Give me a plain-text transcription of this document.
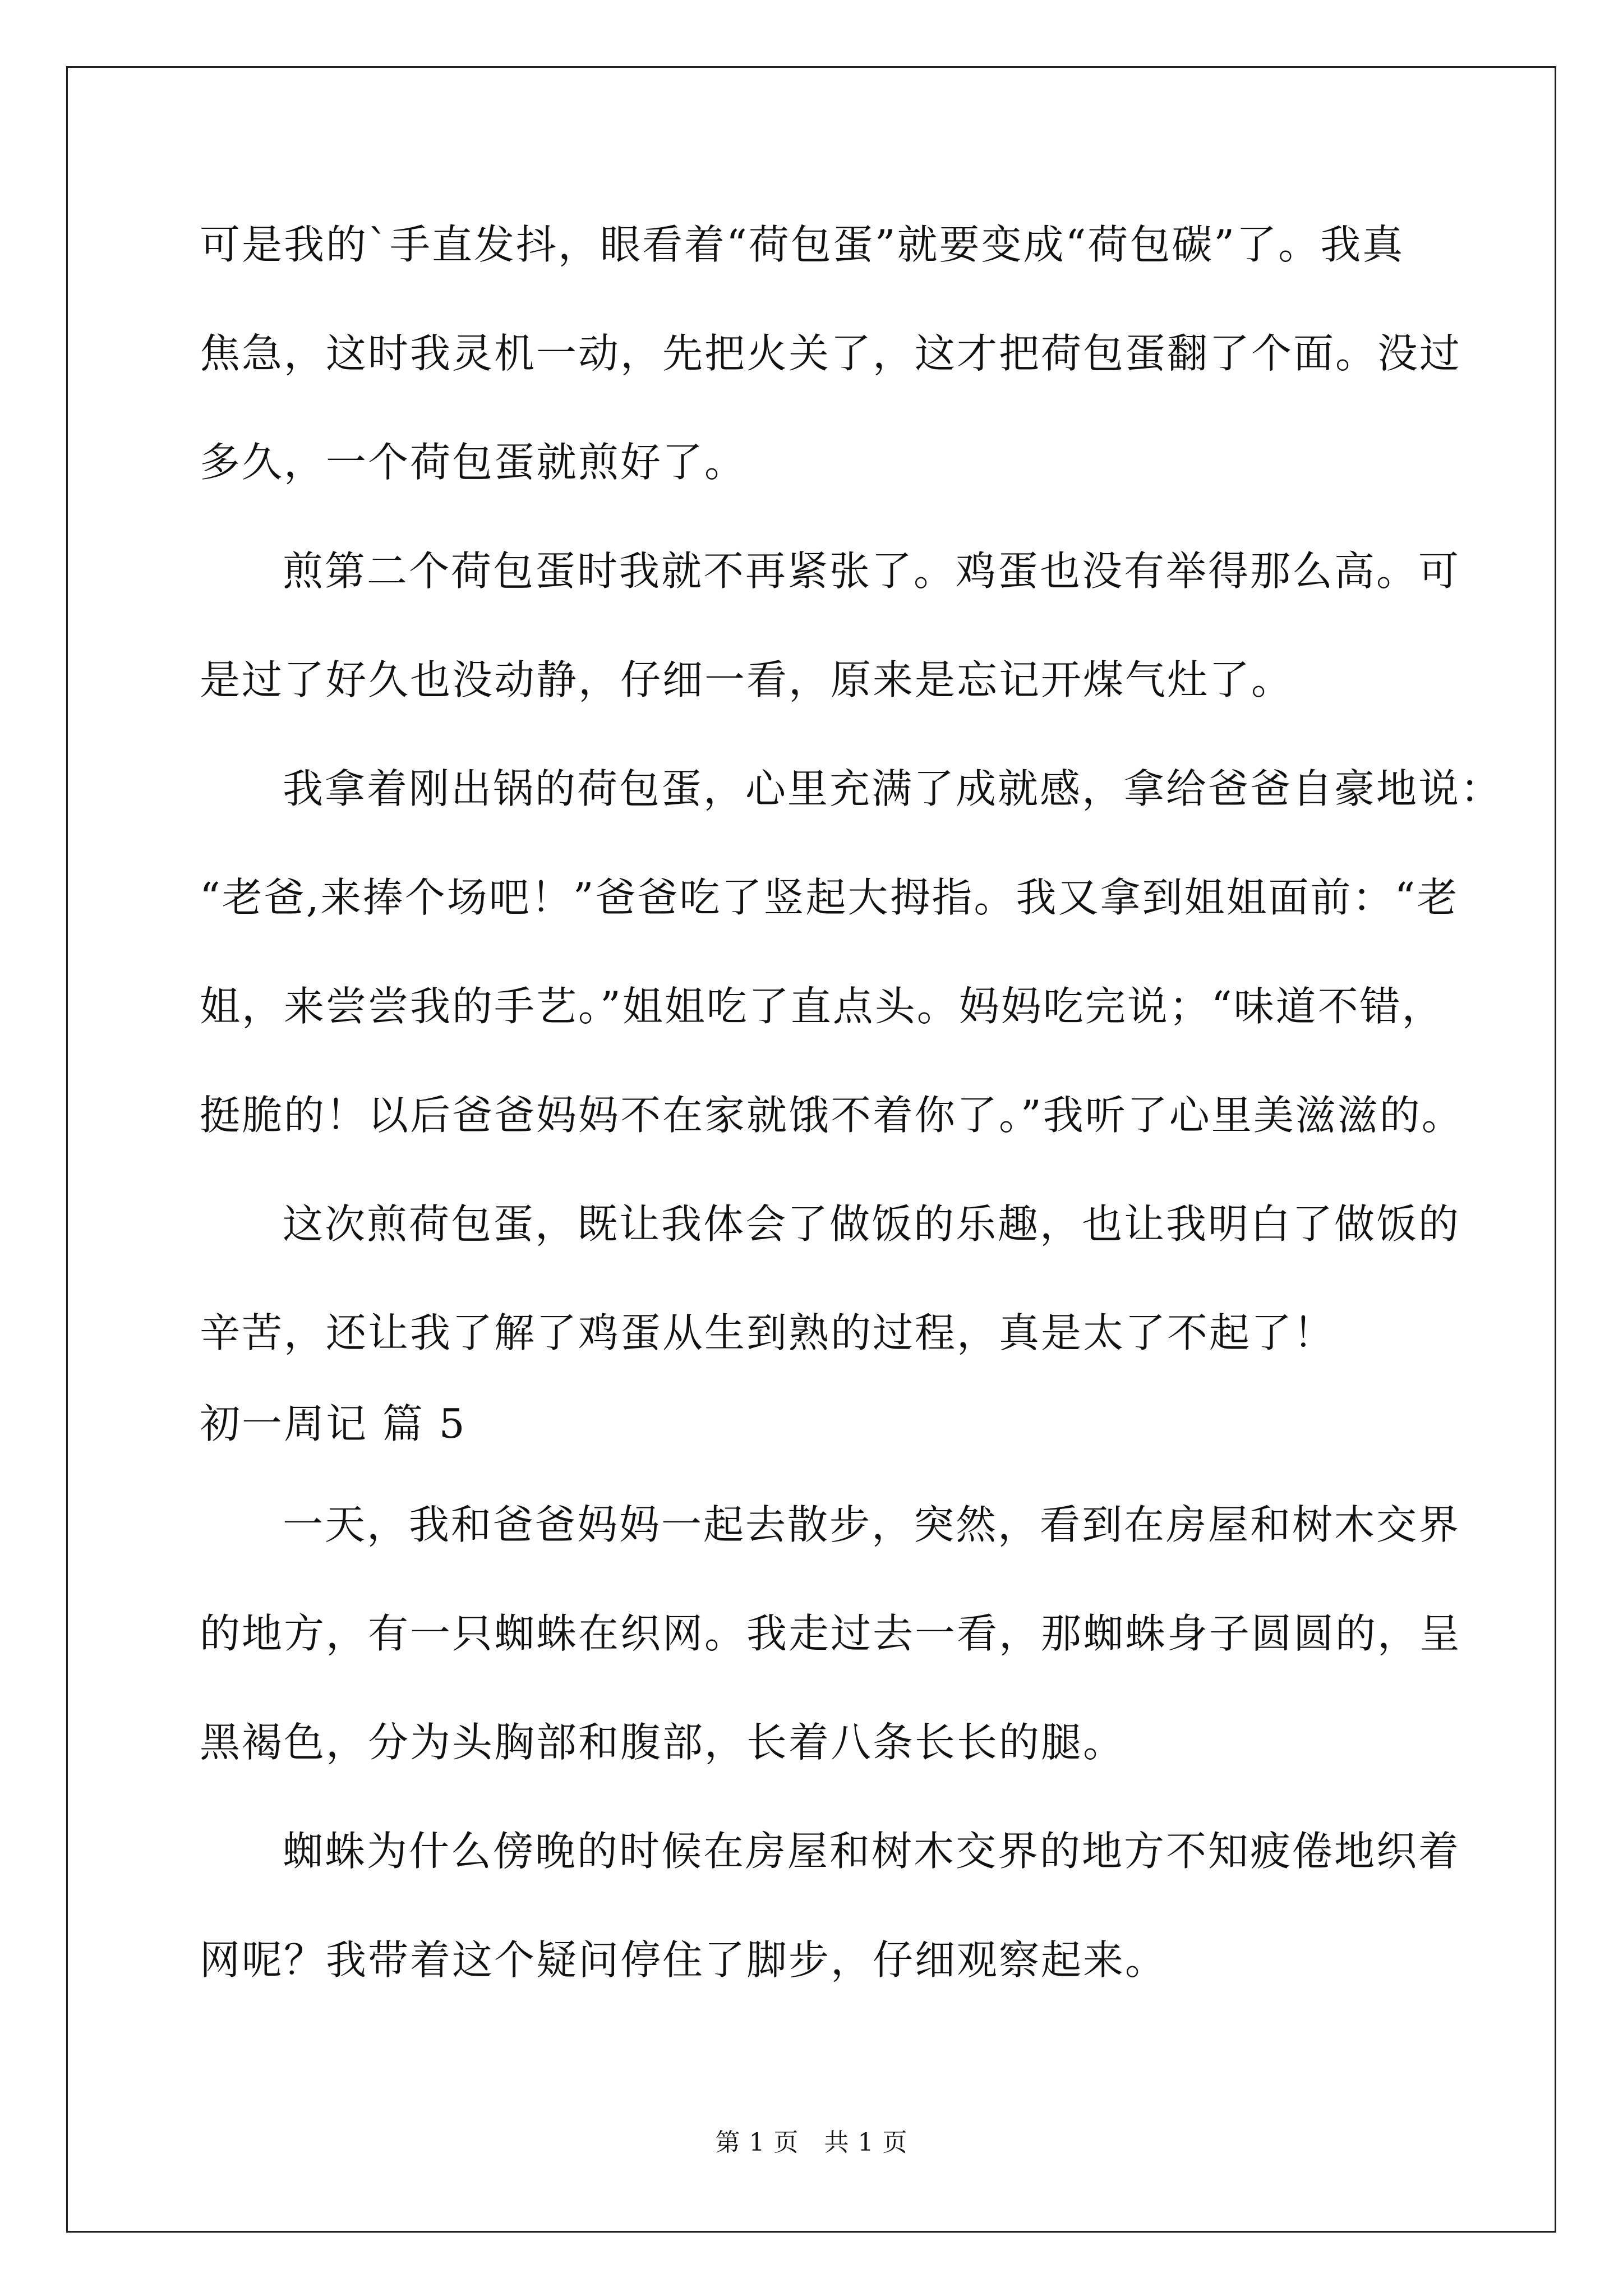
可是我的`手直发抖，眼看着“荷包蛋”就要变成“荷包碳”了。我真
焦急，这时我灵机一动，先把火关了，这才把荷包蛋翻了个面。没过
多久，一个荷包蛋就煎好了。
煎第二个荷包蛋时我就不再紧张了。鸡蛋也没有举得那么高。可
是过了好久也没动静，仔细一看，原来是忘记开煤气灶了。
我拿着刚出锅的荷包蛋，心里充满了成就感，拿给爸爸自豪地说：
“老爸,来捧个场吧！”爸爸吃了竖起大拇指。我又拿到姐姐面前：“老
姐，来尝尝我的手艺。”姐姐吃了直点头。妈妈吃完说；“味道不错，
挺脆的！以后爸爸妈妈不在家就饿不着你了。”我听了心里美滋滋的。
这次煎荷包蛋，既让我体会了做饭的乐趣，也让我明白了做饭的
辛苦，还让我了解了鸡蛋从生到熟的过程，真是太了不起了！
初一周记 篇 5
一天，我和爸爸妈妈一起去散步，突然，看到在房屋和树木交界
的地方，有一只蜘蛛在织网。我走过去一看，那蜘蛛身子圆圆的，呈
黑褐色，分为头胸部和腹部，长着八条长长的腿。
蜘蛛为什么傍晚的时候在房屋和树木交界的地方不知疲倦地织着
网呢？我带着这个疑问停住了脚步，仔细观察起来。
第 1 页　共 1 页
